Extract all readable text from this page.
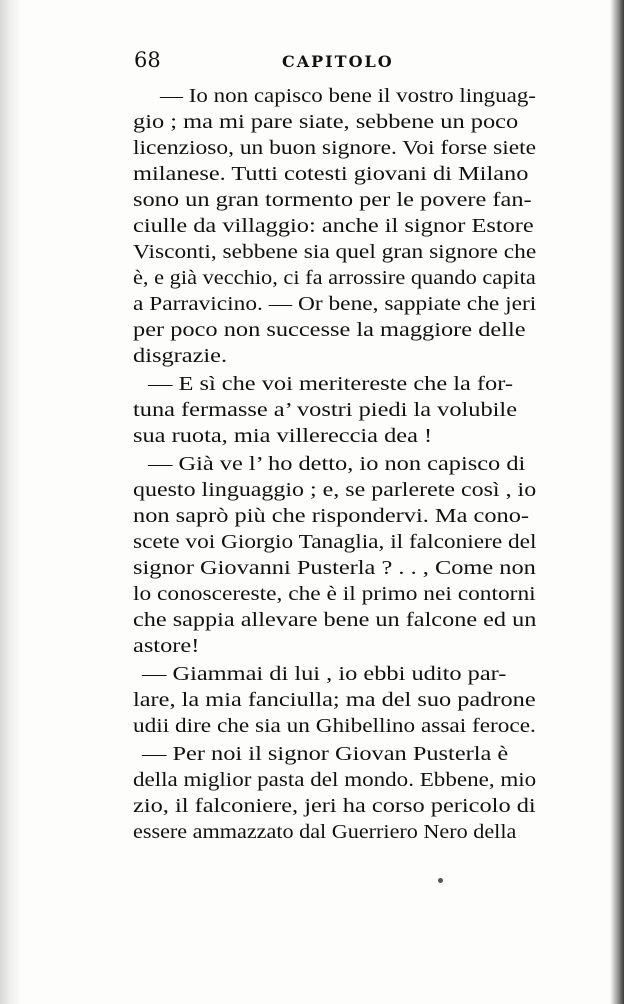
68	CAPITOLO
— Io non capisco bene il vostro linguag-
gio ; ma mi pare siate, sebbene un poco
licenzioso, un buon signore. Voi forse siete
milanese. Tutti cotesti giovani di Milano
sono un gran tormento per le povere fan-
ciulle da villaggio: anche il signor Estore
Visconti, sebbene sia quel gran signore che
è, e già vecchio, ci fa arrossire quando capita
a Parravicino. — Or bene, sappiate che jeri
per poco non successe la maggiore delle
disgrazie.
— E sì che voi meritereste che la for-
tuna fermasse a’ vostri piedi la volubile
sua ruota, mia villereccia dea !
— Già ve l’ ho detto, io non capisco di
questo linguaggio ; e, se parlerete così , io
non saprò più che rispondervi. Ma cono-
scete voi Giorgio Tanaglia, il falconiere del
signor Giovanni Pusterla ? . . , Come non
lo conoscereste, che è il primo nei contorni
che sappia allevare bene un falcone ed un
astore!
— Giammai di lui , io ebbi udito par-
lare, la mia fanciulla; ma del suo padrone
udii dire che sia un Ghibellino assai feroce.
— Per noi il signor Giovan Pusterla è
della miglior pasta del mondo. Ebbene, mio
zio, il falconiere, jeri ha corso pericolo di
essere ammazzato dal Guerriero Nero della
